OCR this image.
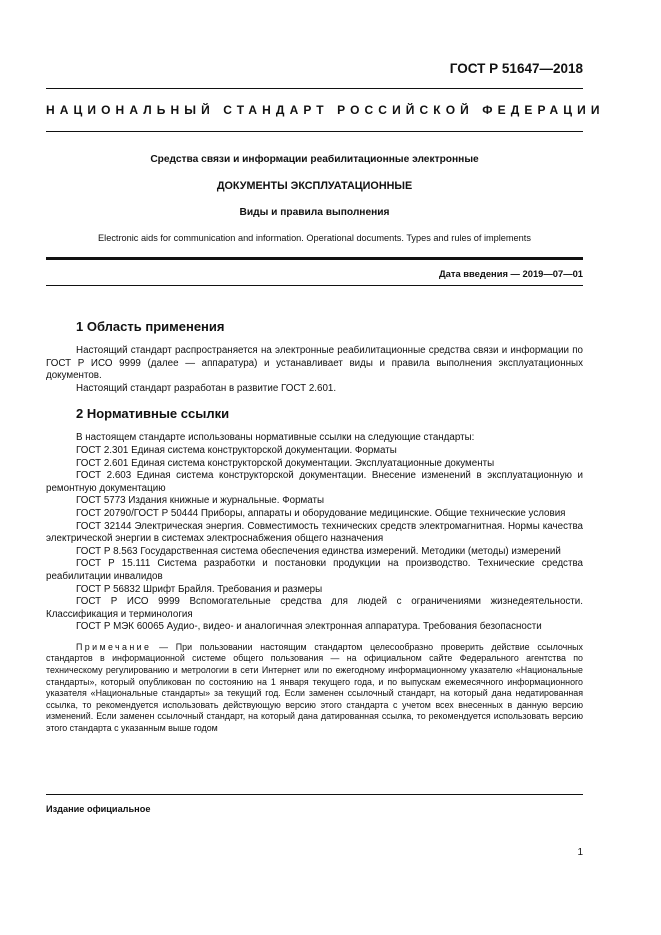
ГОСТ Р 51647—2018
НАЦИОНАЛЬНЫЙ СТАНДАРТ РОССИЙСКОЙ ФЕДЕРАЦИИ
Средства связи и информации реабилитационные электронные
ДОКУМЕНТЫ ЭКСПЛУАТАЦИОННЫЕ
Виды и правила выполнения
Electronic aids for communication and information. Operational documents. Types and rules of implements
Дата введения — 2019—07—01
1 Область применения

Настоящий стандарт распространяется на электронные реабилитационные средства связи и информации по ГОСТ Р ИСО 9999 (далее — аппаратура) и устанавливает виды и правила выполнения эксплуатационных документов.

Настоящий стандарт разработан в развитие ГОСТ 2.601.

2 Нормативные ссылки

В настоящем стандарте использованы нормативные ссылки на следующие стандарты:

ГОСТ 2.301 Единая система конструкторской документации. Форматы

ГОСТ 2.601 Единая система конструкторской документации. Эксплуатационные документы

ГОСТ 2.603 Единая система конструкторской документации. Внесение изменений в эксплуатационную и ремонтную документацию

ГОСТ 5773 Издания книжные и журнальные. Форматы

ГОСТ 20790/ГОСТ Р 50444 Приборы, аппараты и оборудование медицинские. Общие технические условия

ГОСТ 32144 Электрическая энергия. Совместимость технических средств электромагнитная. Нормы качества электрической энергии в системах электроснабжения общего назначения

ГОСТ Р 8.563 Государственная система обеспечения единства измерений. Методики (методы) измерений

ГОСТ Р 15.111 Система разработки и постановки продукции на производство. Технические средства реабилитации инвалидов

ГОСТ Р 56832 Шрифт Брайля. Требования и размеры

ГОСТ Р ИСО 9999 Вспомогательные средства для людей с ограничениями жизнедеятельности. Классификация и терминология

ГОСТ Р МЭК 60065 Аудио-, видео- и аналогичная электронная аппаратура. Требования безопасности

Примечание — При пользовании настоящим стандартом целесообразно проверить действие ссылочных стандартов в информационной системе общего пользования — на официальном сайте Федерального агентства по техническому регулированию и метрологии в сети Интернет или по ежегодному информационному указателю «Национальные стандарты», который опубликован по состоянию на 1 января текущего года, и по выпускам ежемесячного информационного указателя «Национальные стандарты» за текущий год. Если заменен ссылочный стандарт, на который дана недатированная ссылка, то рекомендуется использовать действующую версию этого стандарта с учетом всех внесенных в данную версию изменений. Если заменен ссылочный стандарт, на который дана датированная ссылка, то рекомендуется использовать версию этого стандарта с указанным выше годом

Издание официальное
1
